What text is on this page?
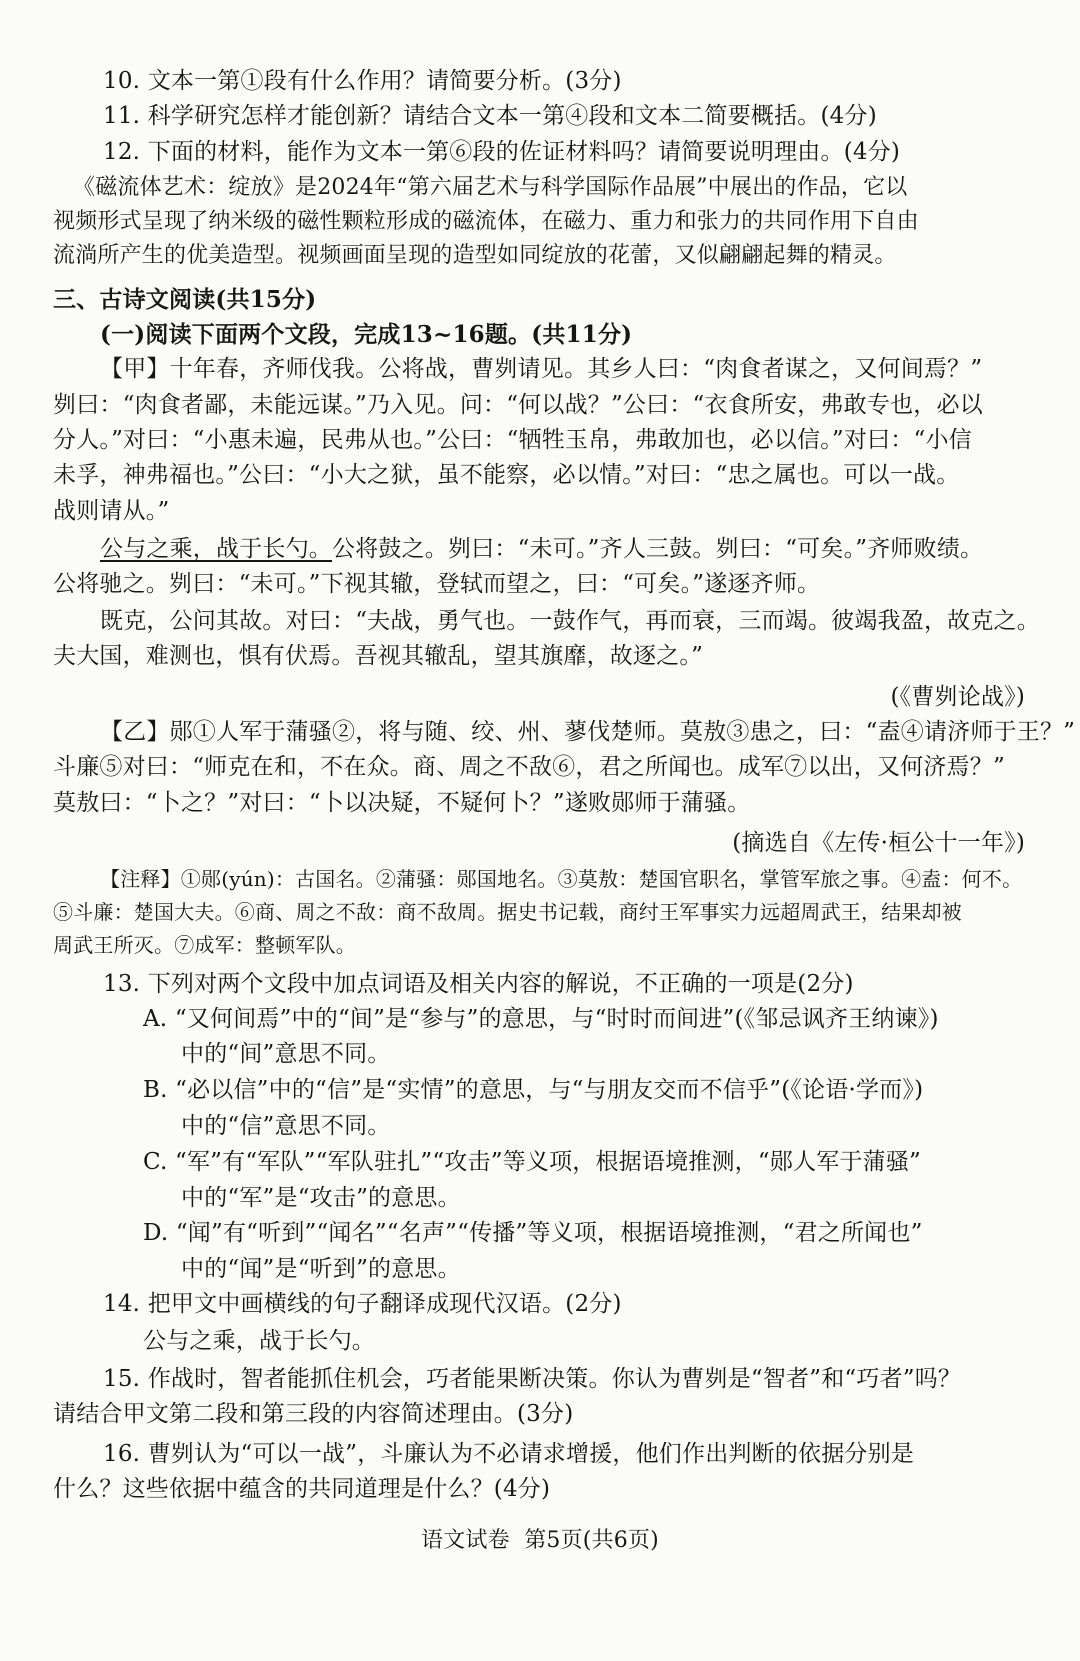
10. 文本一第①段有什么作用？请简要分析。(3分)
11. 科学研究怎样才能创新？请结合文本一第④段和文本二简要概括。(4分)
12. 下面的材料，能作为文本一第⑥段的佐证材料吗？请简要说明理由。(4分)
《磁流体艺术：绽放》是2024年“第六届艺术与科学国际作品展”中展出的作品，它以
视频形式呈现了纳米级的磁性颗粒形成的磁流体，在磁力、重力和张力的共同作用下自由
流淌所产生的优美造型。视频画面呈现的造型如同绽放的花蕾，又似翩翩起舞的精灵。
三、古诗文阅读(共15分)
(一)阅读下面两个文段，完成13~16题。(共11分)
【甲】十年春，齐师伐我。公将战，曹刿请见。其乡人曰：“肉食者谋之，又何间焉？”
刿曰：“肉食者鄙，未能远谋。”乃入见。问：“何以战？”公曰：“衣食所安，弗敢专也，必以
分人。”对曰：“小惠未遍，民弗从也。”公曰：“牺牲玉帛，弗敢加也，必以信。”对曰：“小信
未孚，神弗福也。”公曰：“小大之狱，虽不能察，必以情。”对曰：“忠之属也。可以一战。
战则请从。”
公与之乘，战于长勺。公将鼓之。刿曰：“未可。”齐人三鼓。刿曰：“可矣。”齐师败绩。
公将驰之。刿曰：“未可。”下视其辙，登轼而望之，曰：“可矣。”遂逐齐师。
既克，公问其故。对曰：“夫战，勇气也。一鼓作气，再而衰，三而竭。彼竭我盈，故克之。
夫大国，难测也，惧有伏焉。吾视其辙乱，望其旗靡，故逐之。”
(《曹刿论战》)
【乙】郧①人军于蒲骚②，将与随、绞、州、蓼伐楚师。莫敖③患之，曰：“盍④请济师于王？”
斗廉⑤对曰：“师克在和，不在众。商、周之不敌⑥，君之所闻也。成军⑦以出，又何济焉？”
莫敖曰：“卜之？”对曰：“卜以决疑，不疑何卜？”遂败郧师于蒲骚。
(摘选自《左传·桓公十一年》)
【注释】①郧(yún)：古国名。②蒲骚：郧国地名。③莫敖：楚国官职名，掌管军旅之事。④盍：何不。
⑤斗廉：楚国大夫。⑥商、周之不敌：商不敌周。据史书记载，商纣王军事实力远超周武王，结果却被
周武王所灭。⑦成军：整顿军队。
13. 下列对两个文段中加点词语及相关内容的解说，不正确的一项是(2分)
A. “又何间焉”中的“间”是“参与”的意思，与“时时而间进”(《邹忌讽齐王纳谏》)
中的“间”意思不同。
B. “必以信”中的“信”是“实情”的意思，与“与朋友交而不信乎”(《论语·学而》)
中的“信”意思不同。
C. “军”有“军队”“军队驻扎”“攻击”等义项，根据语境推测，“郧人军于蒲骚”
中的“军”是“攻击”的意思。
D. “闻”有“听到”“闻名”“名声”“传播”等义项，根据语境推测，“君之所闻也”
中的“闻”是“听到”的意思。
14. 把甲文中画横线的句子翻译成现代汉语。(2分)
公与之乘，战于长勺。
15. 作战时，智者能抓住机会，巧者能果断决策。你认为曹刿是“智者”和“巧者”吗？
请结合甲文第二段和第三段的内容简述理由。(3分)
16. 曹刿认为“可以一战”，斗廉认为不必请求增援，他们作出判断的依据分别是
什么？这些依据中蕴含的共同道理是什么？(4分)
语文试卷  第5页(共6页)
